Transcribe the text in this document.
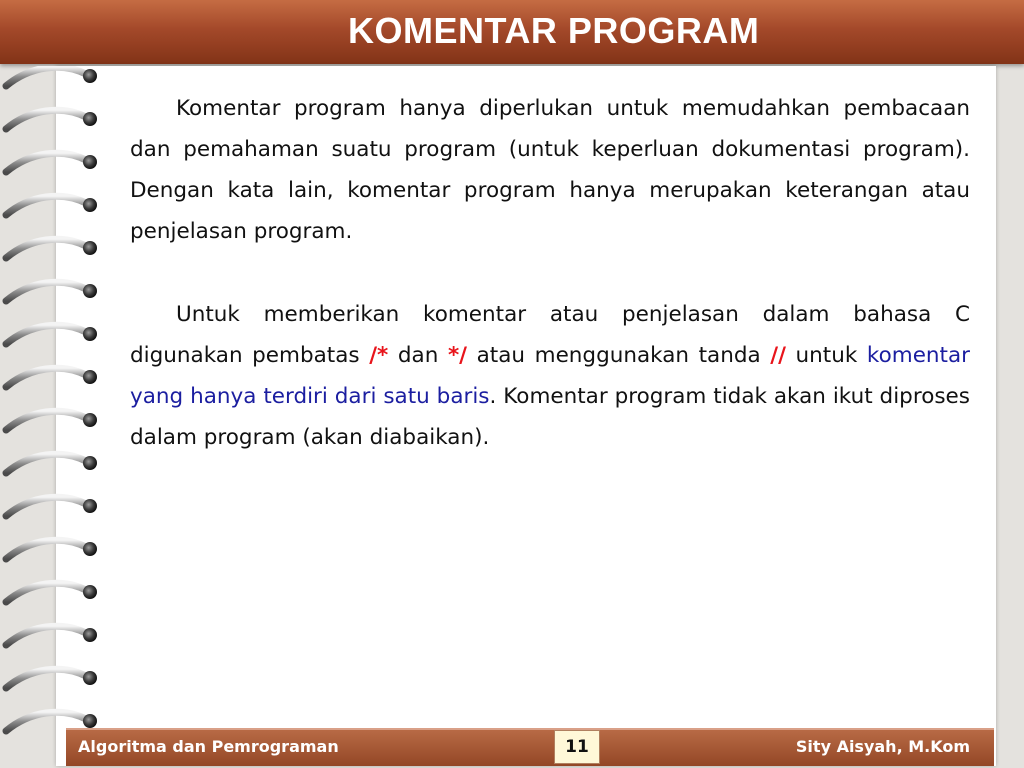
KOMENTAR PROGRAM

Komentar program hanya diperlukan untuk memudahkan pembacaan dan pemahaman suatu program (untuk keperluan dokumentasi program). Dengan kata lain, komentar program hanya merupakan keterangan atau penjelasan program.

Untuk memberikan komentar atau penjelasan dalam bahasa C digunakan pembatas /* dan */ atau menggunakan tanda // untuk komentar yang hanya terdiri dari satu baris. Komentar program tidak akan ikut diproses dalam program (akan diabaikan).

Algoritma dan Pemrograman	11	Sity Aisyah, M.Kom
